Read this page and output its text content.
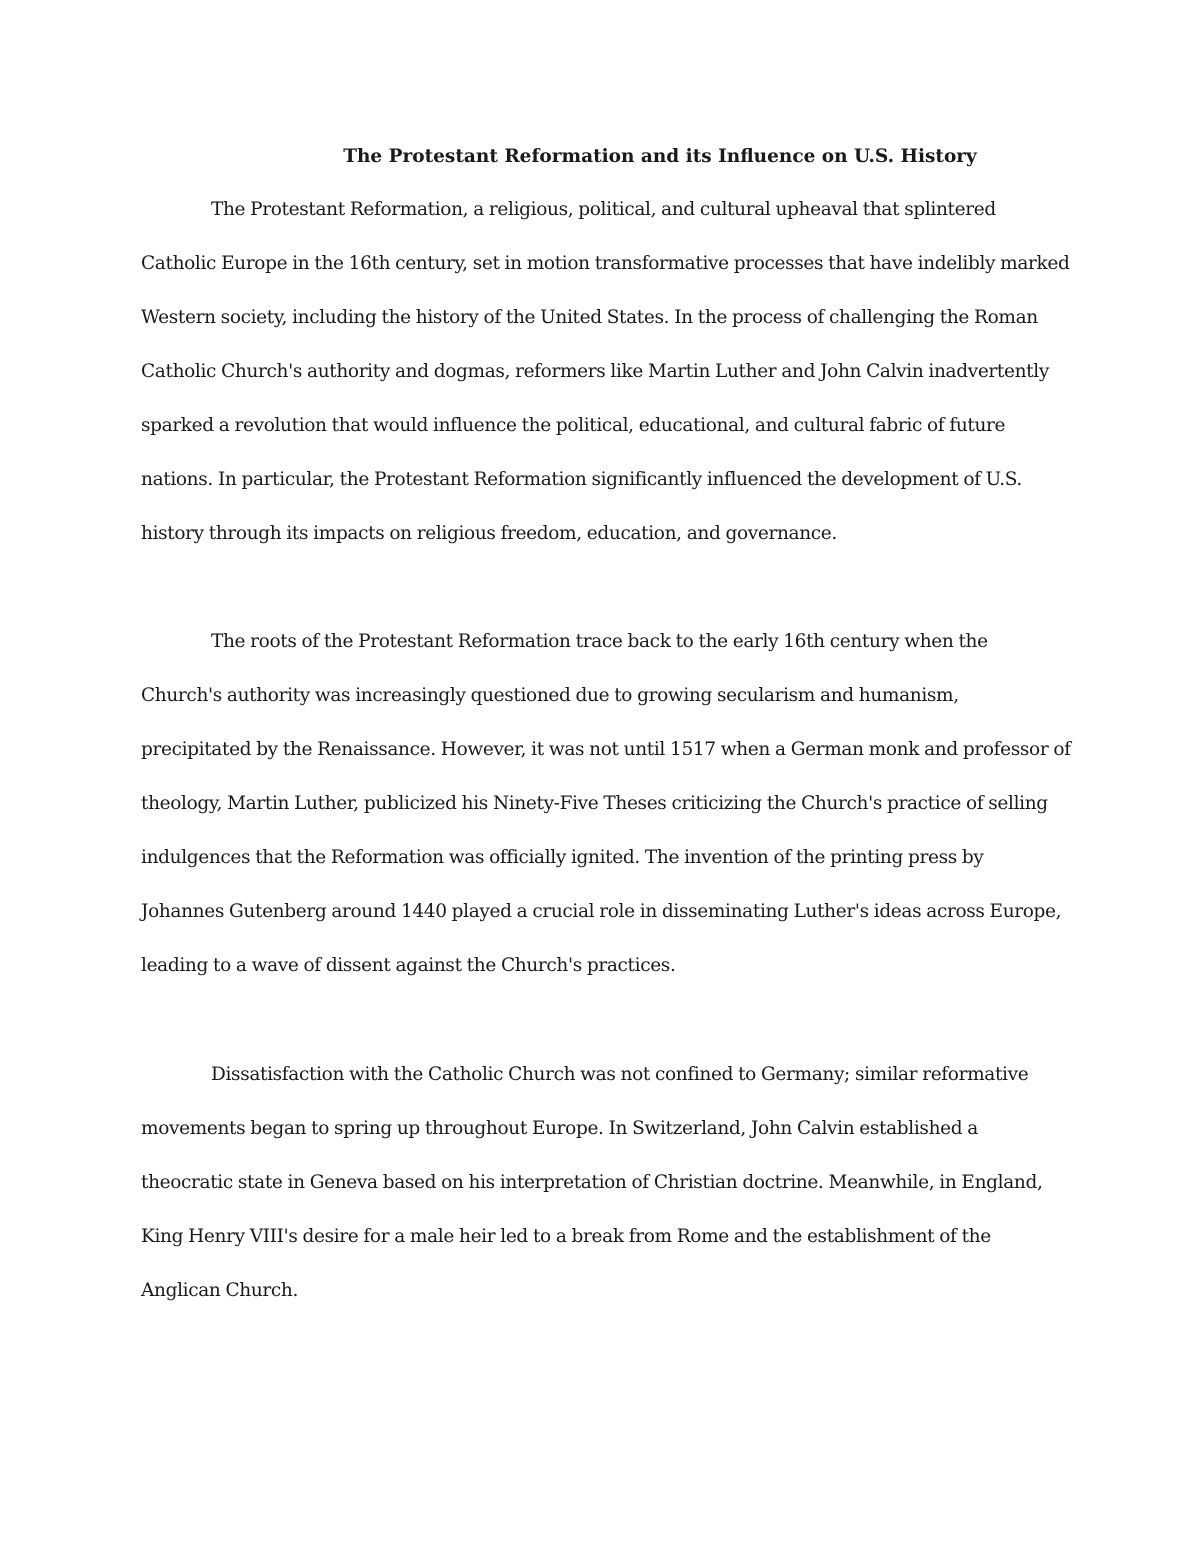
The Protestant Reformation and its Influence on U.S. History

The Protestant Reformation, a religious, political, and cultural upheaval that splintered Catholic Europe in the 16th century, set in motion transformative processes that have indelibly marked Western society, including the history of the United States. In the process of challenging the Roman Catholic Church's authority and dogmas, reformers like Martin Luther and John Calvin inadvertently sparked a revolution that would influence the political, educational, and cultural fabric of future nations. In particular, the Protestant Reformation significantly influenced the development of U.S. history through its impacts on religious freedom, education, and governance.

The roots of the Protestant Reformation trace back to the early 16th century when the Church's authority was increasingly questioned due to growing secularism and humanism, precipitated by the Renaissance. However, it was not until 1517 when a German monk and professor of theology, Martin Luther, publicized his Ninety-Five Theses criticizing the Church's practice of selling indulgences that the Reformation was officially ignited. The invention of the printing press by Johannes Gutenberg around 1440 played a crucial role in disseminating Luther's ideas across Europe, leading to a wave of dissent against the Church's practices.

Dissatisfaction with the Catholic Church was not confined to Germany; similar reformative movements began to spring up throughout Europe. In Switzerland, John Calvin established a theocratic state in Geneva based on his interpretation of Christian doctrine. Meanwhile, in England, King Henry VIII's desire for a male heir led to a break from Rome and the establishment of the Anglican Church.
